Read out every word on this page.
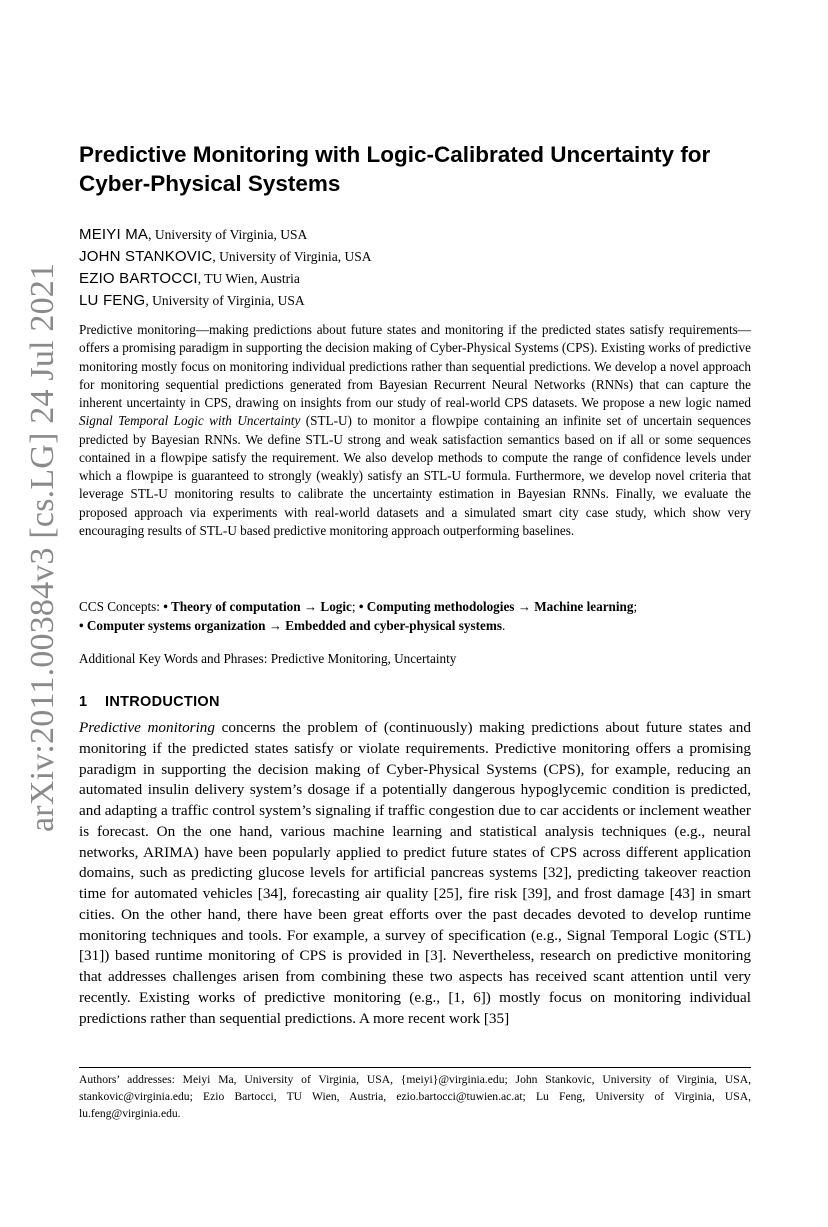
arXiv:2011.00384v3 [cs.LG] 24 Jul 2021
Predictive Monitoring with Logic-Calibrated Uncertainty for Cyber-Physical Systems
MEIYI MA, University of Virginia, USA
JOHN STANKOVIC, University of Virginia, USA
EZIO BARTOCCI, TU Wien, Austria
LU FENG, University of Virginia, USA

Predictive monitoring—making predictions about future states and monitoring if the predicted states satisfy requirements—offers a promising paradigm in supporting the decision making of Cyber-Physical Systems (CPS). Existing works of predictive monitoring mostly focus on monitoring individual predictions rather than sequential predictions. We develop a novel approach for monitoring sequential predictions generated from Bayesian Recurrent Neural Networks (RNNs) that can capture the inherent uncertainty in CPS, drawing on insights from our study of real-world CPS datasets. We propose a new logic named Signal Temporal Logic with Uncertainty (STL-U) to monitor a flowpipe containing an infinite set of uncertain sequences predicted by Bayesian RNNs. We define STL-U strong and weak satisfaction semantics based on if all or some sequences contained in a flowpipe satisfy the requirement. We also develop methods to compute the range of confidence levels under which a flowpipe is guaranteed to strongly (weakly) satisfy an STL-U formula. Furthermore, we develop novel criteria that leverage STL-U monitoring results to calibrate the uncertainty estimation in Bayesian RNNs. Finally, we evaluate the proposed approach via experiments with real-world datasets and a simulated smart city case study, which show very encouraging results of STL-U based predictive monitoring approach outperforming baselines.

CCS Concepts: • Theory of computation → Logic; • Computing methodologies → Machine learning;
• Computer systems organization → Embedded and cyber-physical systems.

Additional Key Words and Phrases: Predictive Monitoring, Uncertainty

1 INTRODUCTION

Predictive monitoring concerns the problem of (continuously) making predictions about future states and monitoring if the predicted states satisfy or violate requirements. Predictive monitoring offers a promising paradigm in supporting the decision making of Cyber-Physical Systems (CPS), for example, reducing an automated insulin delivery system’s dosage if a potentially dangerous hypoglycemic condition is predicted, and adapting a traffic control system’s signaling if traffic congestion due to car accidents or inclement weather is forecast. On the one hand, various machine learning and statistical analysis techniques (e.g., neural networks, ARIMA) have been popularly applied to predict future states of CPS across different application domains, such as predicting glucose levels for artificial pancreas systems [32], predicting takeover reaction time for automated vehicles [34], forecasting air quality [25], fire risk [39], and frost damage [43] in smart cities. On the other hand, there have been great efforts over the past decades devoted to develop runtime monitoring techniques and tools. For example, a survey of specification (e.g., Signal Temporal Logic (STL) [31]) based runtime monitoring of CPS is provided in [3]. Nevertheless, research on predictive monitoring that addresses challenges arisen from combining these two aspects has received scant attention until very recently. Existing works of predictive monitoring (e.g., [1, 6]) mostly focus on monitoring individual predictions rather than sequential predictions. A more recent work [35]

Authors’ addresses: Meiyi Ma, University of Virginia, USA, {meiyi}@virginia.edu; John Stankovic, University of Virginia, USA, stankovic@virginia.edu; Ezio Bartocci, TU Wien, Austria, ezio.bartocci@tuwien.ac.at; Lu Feng, University of Virginia, USA, lu.feng@virginia.edu.
